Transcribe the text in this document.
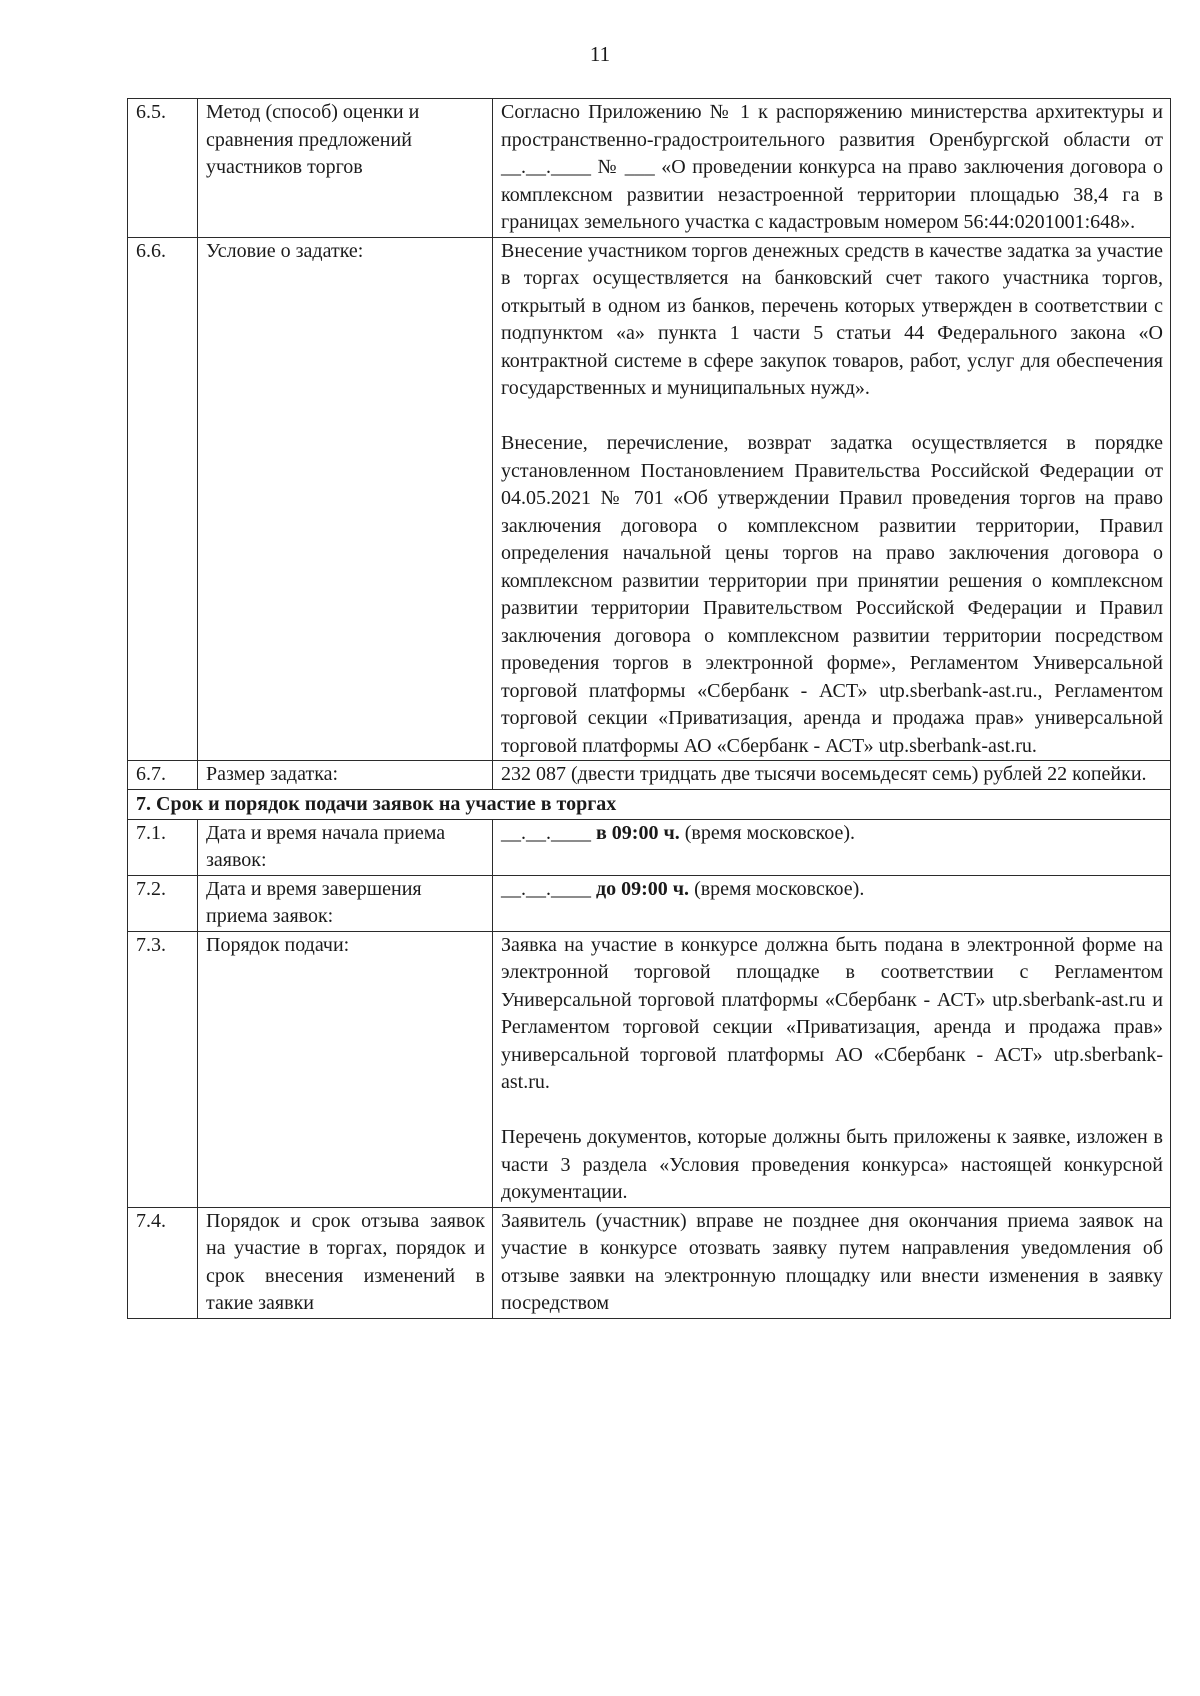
11
6.5.	Метод (способ) оценки и сравнения предложений участников торгов	Согласно Приложению № 1 к распоряжению министерства архитектуры и пространственно-градостроительного развития Оренбургской области от __.__.____ № ___ «О проведении конкурса на право заключения договора о комплексном развитии незастроенной территории площадью 38,4 га в границах земельного участка с кадастровым номером 56:44:0201001:648».

6.6.	Условие о задатке:	Внесение участником торгов денежных средств в качестве задатка за участие в торгах осуществляется на банковский счет такого участника торгов, открытый в одном из банков, перечень которых утвержден в соответствии с подпунктом «а» пункта 1 части 5 статьи 44 Федерального закона «О контрактной системе в сфере закупок товаров, работ, услуг для обеспечения государственных и муниципальных нужд».

Внесение, перечисление, возврат задатка осуществляется в порядке установленном Постановлением Правительства Российской Федерации от 04.05.2021 № 701 «Об утверждении Правил проведения торгов на право заключения договора о комплексном развитии территории, Правил определения начальной цены торгов на право заключения договора о комплексном развитии территории при принятии решения о комплексном развитии территории Правительством Российской Федерации и Правил заключения договора о комплексном развитии территории посредством проведения торгов в электронной форме», Регламентом Универсальной торговой платформы «Сбербанк - АСТ» utp.sberbank-ast.ru., Регламентом торговой секции «Приватизация, аренда и продажа прав» универсальной торговой платформы АО «Сбербанк - АСТ» utp.sberbank-ast.ru.

6.7.	Размер задатка:	232 087 (двести тридцать две тысячи восемьдесят семь) рублей 22 копейки.

7. Срок и порядок подачи заявок на участие в торгах		
7.1.	Дата и время начала приема заявок:	__.__.____ в 09:00 ч. (время московское).
7.2.	Дата и время завершения приема заявок:	__.__.____ до 09:00 ч. (время московское).
7.3.	Порядок подачи:	Заявка на участие в конкурсе должна быть подана в электронной форме на электронной торговой площадке в соответствии с Регламентом Универсальной торговой платформы «Сбербанк - АСТ» utp.sberbank-ast.ru и Регламентом торговой секции «Приватизация, аренда и продажа прав» универсальной торговой платформы АО «Сбербанк - АСТ» utp.sberbank-ast.ru.

Перечень документов, которые должны быть приложены к заявке, изложен в части 3 раздела «Условия проведения конкурса» настоящей конкурсной документации.

7.4.	Порядок и срок отзыва заявок на участие в торгах, порядок и срок внесения изменений в такие заявки	Заявитель (участник) вправе не позднее дня окончания приема заявок на участие в конкурсе отозвать заявку путем направления уведомления об отзыве заявки на электронную площадку или внести изменения в заявку посредством
